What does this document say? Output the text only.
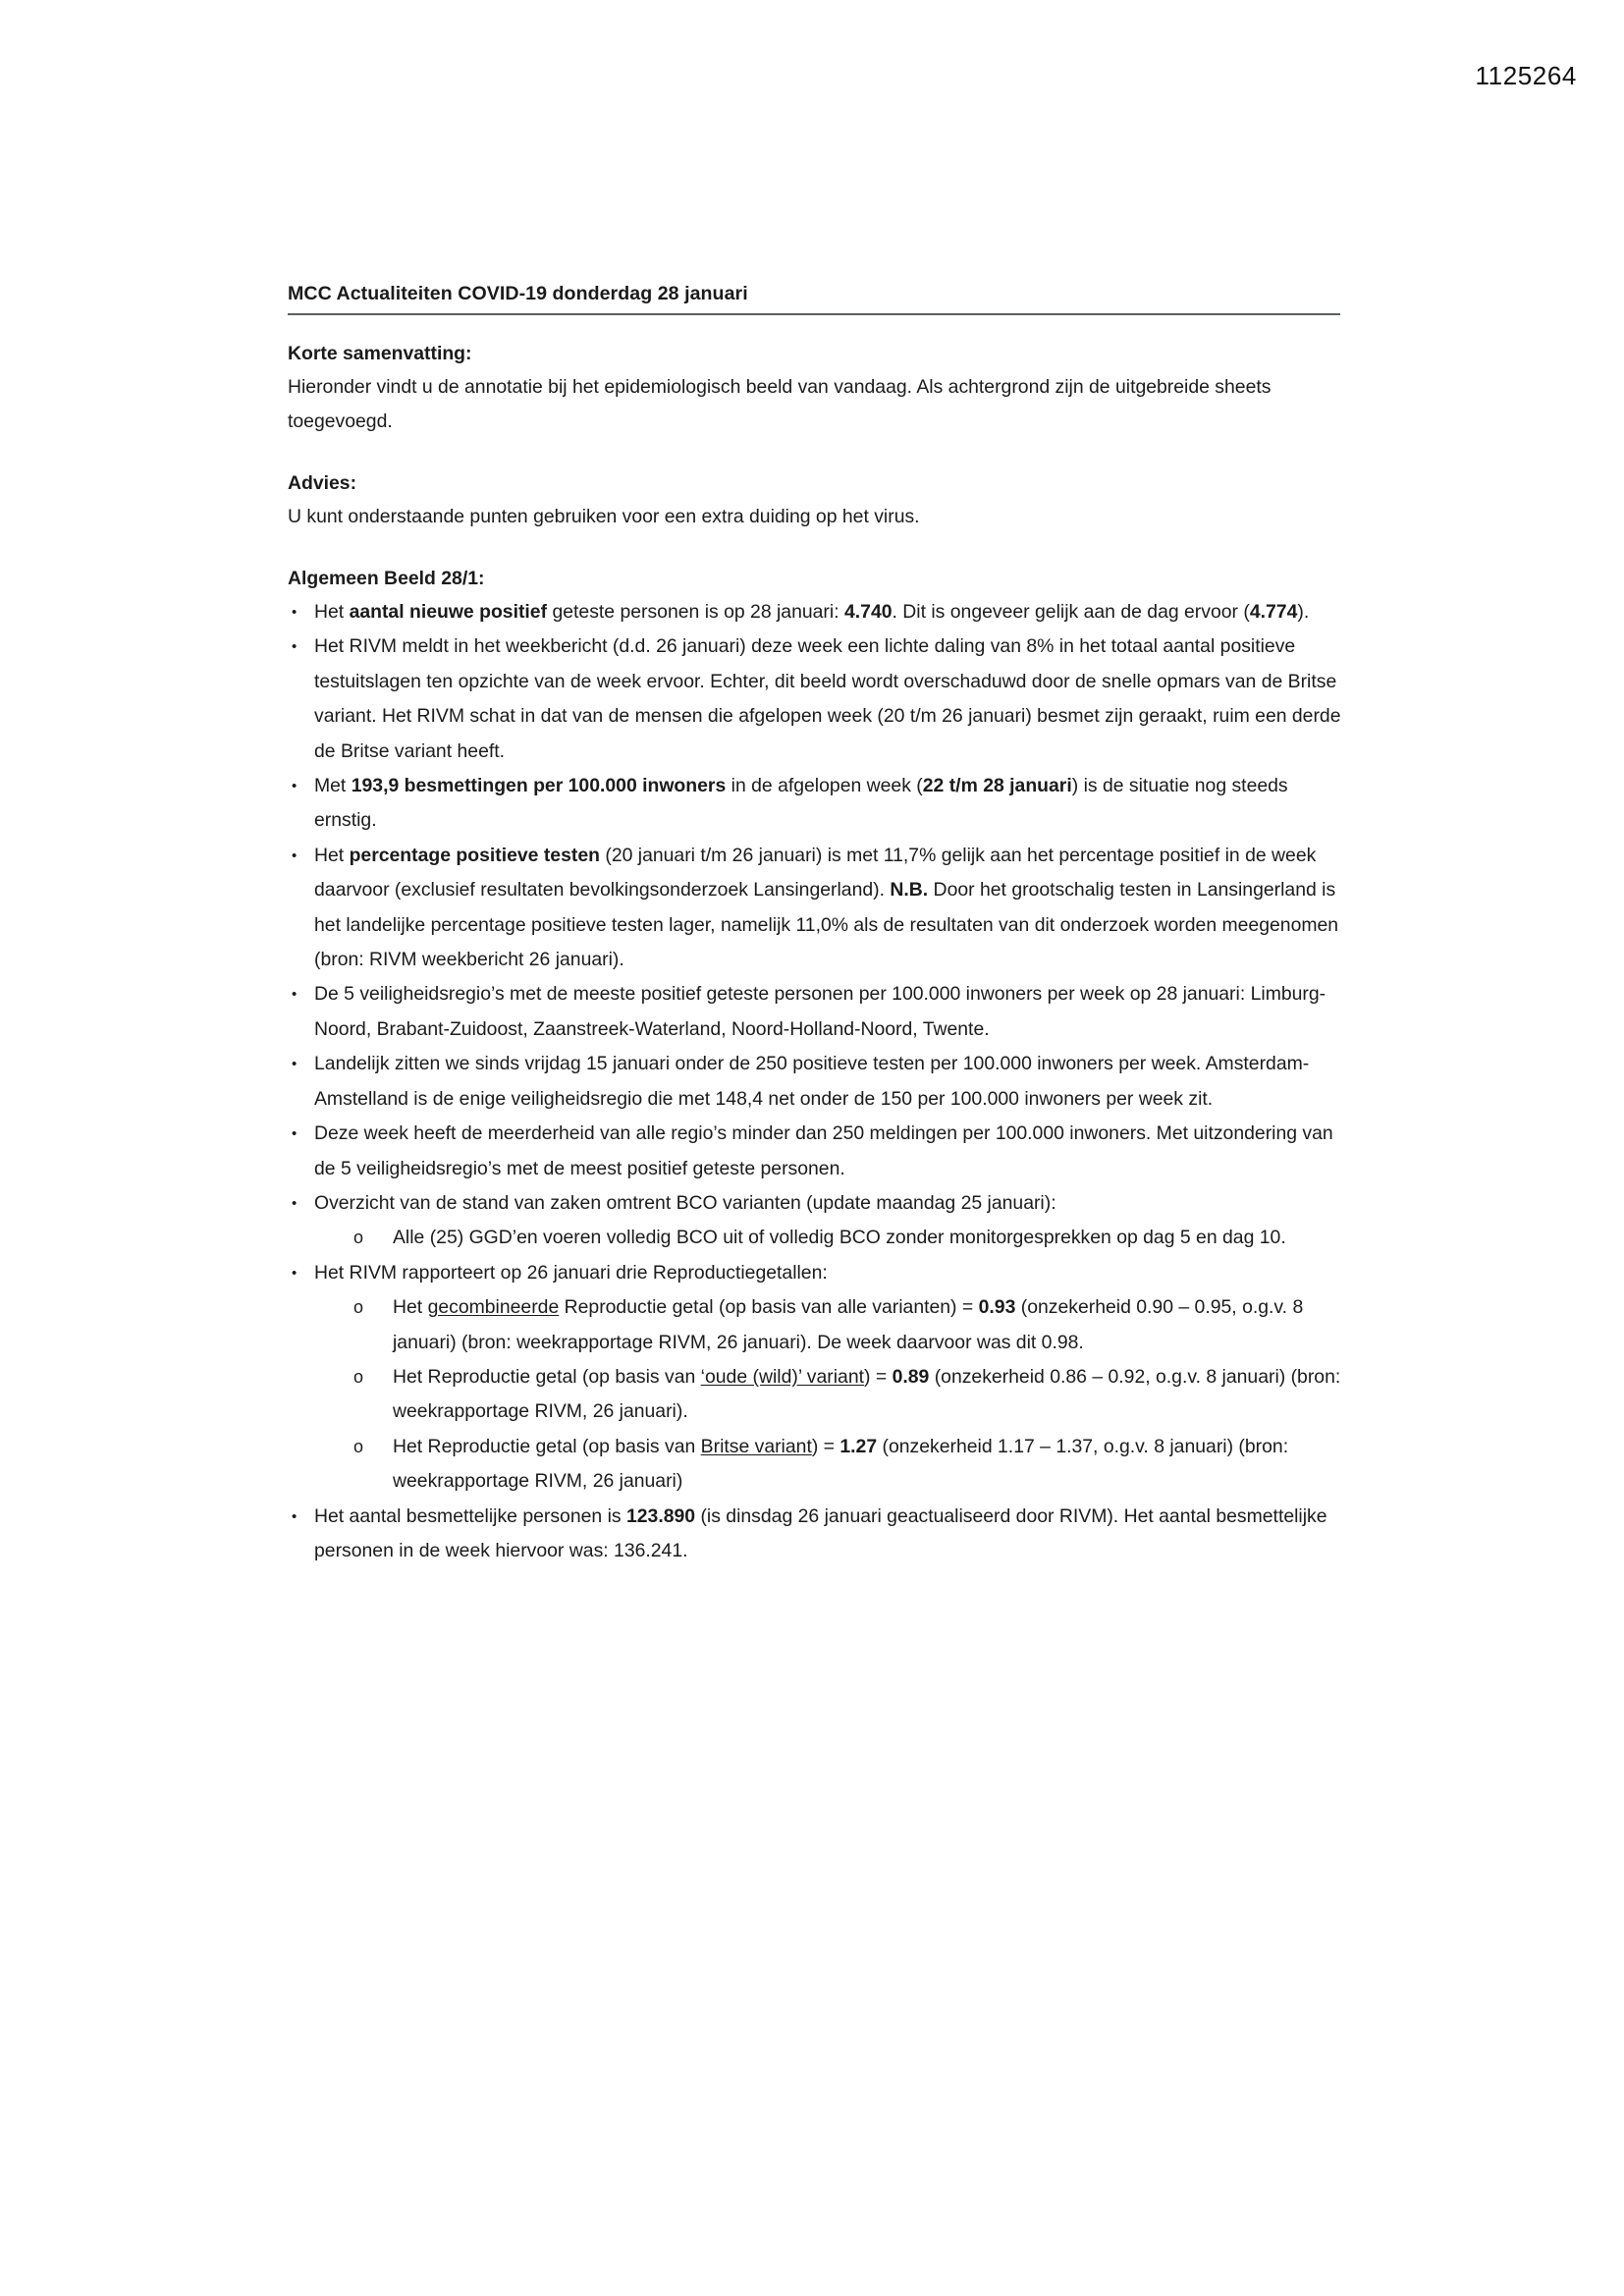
1125264
MCC Actualiteiten COVID-19 donderdag 28 januari
Korte samenvatting:

Hieronder vindt u de annotatie bij het epidemiologisch beeld van vandaag. Als achtergrond zijn de uitgebreide sheets toegevoegd.

Advies:

U kunt onderstaande punten gebruiken voor een extra duiding op het virus.

Algemeen Beeld 28/1:
• Het aantal nieuwe positief geteste personen is op 28 januari: 4.740. Dit is ongeveer gelijk aan de dag ervoor (4.774).
• Het RIVM meldt in het weekbericht (d.d. 26 januari) deze week een lichte daling van 8% in het totaal aantal positieve testuitslagen ten opzichte van de week ervoor. Echter, dit beeld wordt overschaduwd door de snelle opmars van de Britse variant. Het RIVM schat in dat van de mensen die afgelopen week (20 t/m 26 januari) besmet zijn geraakt, ruim een derde de Britse variant heeft.
• Met 193,9 besmettingen per 100.000 inwoners in de afgelopen week (22 t/m 28 januari) is de situatie nog steeds ernstig.
• Het percentage positieve testen (20 januari t/m 26 januari) is met 11,7% gelijk aan het percentage positief in de week daarvoor (exclusief resultaten bevolkingsonderzoek Lansingerland). N.B. Door het grootschalig testen in Lansingerland is het landelijke percentage positieve testen lager, namelijk 11,0% als de resultaten van dit onderzoek worden meegenomen (bron: RIVM weekbericht 26 januari).
• De 5 veiligheidsregio’s met de meeste positief geteste personen per 100.000 inwoners per week op 28 januari: Limburg-Noord, Brabant-Zuidoost, Zaanstreek-Waterland, Noord-Holland-Noord, Twente.
• Landelijk zitten we sinds vrijdag 15 januari onder de 250 positieve testen per 100.000 inwoners per week. Amsterdam-Amstelland is de enige veiligheidsregio die met 148,4 net onder de 150 per 100.000 inwoners per week zit.
• Deze week heeft de meerderheid van alle regio’s minder dan 250 meldingen per 100.000 inwoners. Met uitzondering van de 5 veiligheidsregio’s met de meest positief geteste personen.
• Overzicht van de stand van zaken omtrent BCO varianten (update maandag 25 januari):
o Alle (25) GGD’en voeren volledig BCO uit of volledig BCO zonder monitorgesprekken op dag 5 en dag 10.
• Het RIVM rapporteert op 26 januari drie Reproductiegetallen:
o Het gecombineerde Reproductie getal (op basis van alle varianten) = 0.93 (onzekerheid 0.90 – 0.95, o.g.v. 8 januari) (bron: weekrapportage RIVM, 26 januari). De week daarvoor was dit 0.98.
o Het Reproductie getal (op basis van ‘oude (wild)’ variant) = 0.89 (onzekerheid 0.86 – 0.92, o.g.v. 8 januari) (bron: weekrapportage RIVM, 26 januari).
o Het Reproductie getal (op basis van Britse variant) = 1.27 (onzekerheid 1.17 – 1.37, o.g.v. 8 januari) (bron: weekrapportage RIVM, 26 januari)
• Het aantal besmettelijke personen is 123.890 (is dinsdag 26 januari geactualiseerd door RIVM). Het aantal besmettelijke personen in de week hiervoor was: 136.241.
